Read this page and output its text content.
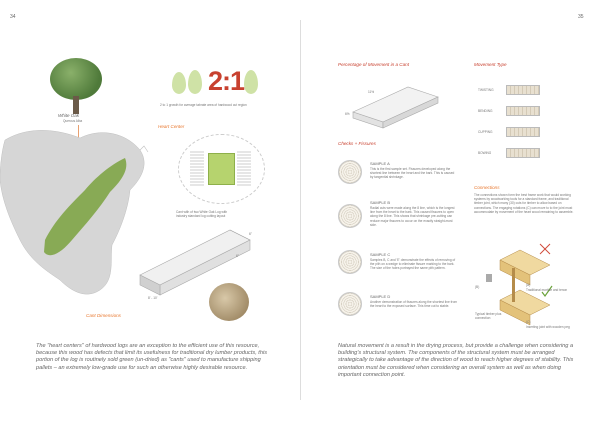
34	35
White Oak
Quercus Alba
2:1
2 to 1 growth for average tabrate area of hardwood cut region
Heart Center
Cant with of two White Oak Log with
industry standard log cutting layout
6"
6"
8' - 10'
Cant Dimensions
The "heart centers" of hardwood logs are an exception to the efficient use of this resource, because this wood has defects that limit its usefulness for traditional dry lumber products, this portion of the log is routinely sold green (un-dried) as "cants" used to manufacture shipping pallets – an extremely low-grade use for such an otherwise highly desirable resource.
Percentage of Movement in a Cant
11%
6%
Checks + Fissures
SAMPLE A
This is the first sample set. Fissures developed along the shortest line between the heart and the bark. This is caused by tangential shrinkage.
SAMPLE B
Radial cuts were made along the 8 line, which is the longest line from the heart to the bark. This caused fissures to open along the 8 line. This shows that shrinkage pre-cutting can reduce major fissures to occur on the exactly straight-most side.
SAMPLE C
Samples B, C and 'E' demonstrate the effects of removing of the pith on a wedge to eliminate fissure marking to the bark. The size of the holes portrayed the same pith pattern.
SAMPLE D
Another demonstration of fissures along the shortest line from the heart to the exposed surface. This time cut to stable.
Movement Type
TWISTING
BENDING
CUPPING
BOWING
Connections
The connections shown form the best frame work that would working systems by woodworking tools for a standard frame, and traditional timber joint, which many (30) cuts for timber to allow based on connections. The engaging rotations (C) can move to to the joint must accommodate by movement of the heart wood remaining to assemble.
(B)
Typical timber plus
connection
(A)
Traditional mortise and tenon
(C)
Inserting joint with wooden peg
Natural movement is a result in the drying process, but provide a challenge when considering a building's structural system. The components of the structural system must be arranged strategically to take advantage of the direction of wood to reach higher degrees of stability. This orientation must be considered when considering an overall system as well as when doing important connection point.
